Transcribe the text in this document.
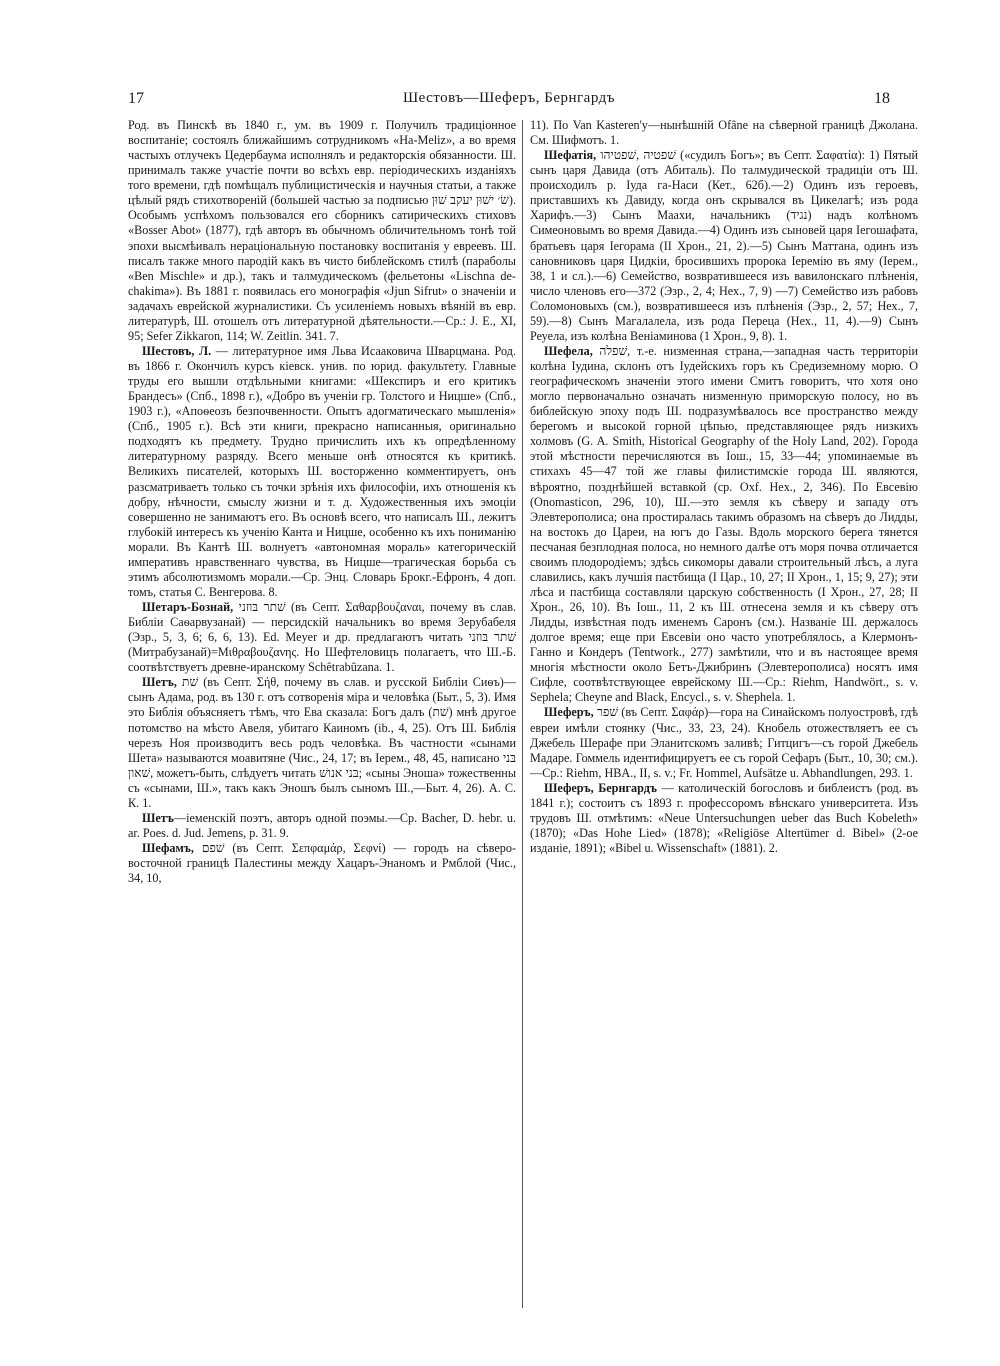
17	Шестовъ—Шеферъ, Бернгардъ	18

Род. въ Пинскѣ въ 1840 г., ум. въ 1909 г. Получилъ традиціонное воспитаніе; состоялъ ближайшимъ сотрудникомъ «Ha-Meliz», а во время частыхъ отлучекъ Цедербаума исполнялъ и редакторскія обязанности. Ш. принималъ также участіе почти во всѣхъ евр. періодическихъ изданіяхъ того времени, гдѣ помѣщалъ публицистическія и научныя статьи, а также цѣлый рядъ стихотвореній (большей частью за подписью שׂ׳ ישׁוּן יעקב שׁוּן). Особымъ успѣхомъ пользовался его сборникъ сатирическихъ стиховъ «Bosser Abot» (1877), гдѣ авторъ въ обычномъ обличительномъ тонѣ той эпохи высмѣивалъ нераціональную постановку воспитанія у евреевъ. Ш. писалъ также много пародій какъ въ чисто библейскомъ стилѣ (параболы «Ben Mischle» и др.), такъ и талмудическомъ (фельетоны «Lischna de-chakima»). Въ 1881 г. появилась его монографія «Jjun Sifrut» о значеніи и задачахъ еврейской журналистики. Съ усиленіемъ новыхъ вѣяній въ евр. литературѣ, Ш. отошелъ отъ литературной дѣятельности.—Ср.: J. E., XI, 95; Sefer Zikkaron, 114; W. Zeitlin. 341. 7.

Шестовъ, Л. — литературное имя Льва Исааковича Шварцмана. Род. въ 1866 г. Окончилъ курсъ кіевск. унив. по юрид. факультету. Главные труды его вышли отдѣльными книгами: «Шекспиръ и его критикъ Брандесъ» (Спб., 1898 г.), «Добро въ ученіи гр. Толстого и Ницше» (Спб., 1903 г.), «Апоѳеозъ безпочвенности. Опытъ адогматическаго мышленія» (Спб., 1905 г.). Всѣ эти книги, прекрасно написанныя, оригинально подходятъ къ предмету. Трудно причислить ихъ къ опредѣленному литературному разряду. Всего меньше онѣ относятся къ критикѣ. Великихъ писателей, которыхъ Ш. восторженно комментируетъ, онъ разсматриваетъ только съ точки зрѣнія ихъ философіи, ихъ отношенія къ добру, нѣчности, смыслу жизни и т. д. Художественныя ихъ эмоціи совершенно не занимаютъ его. Въ основѣ всего, что написалъ Ш., лежитъ глубокій интересъ къ ученію Канта и Ницше, особенно къ ихъ пониманію морали. Въ Кантѣ Ш. волнуетъ «автономная мораль» категорическій императивъ нравственнаго чувства, въ Ницше—трагическая борьба съ этимъ абсолютизмомъ морали.—Ср. Энц. Словарь Брокг.-Ефронъ, 4 доп. томъ, статья С. Венгерова. 8.

Шетаръ-Бознай, שׁתר בּוזני (въ Септ. Σαθαρβουζαναι, почему въ слав. Библіи Саѳарвузанай) — персидскій начальникъ во время Зерубабеля (Эзр., 5, 3, 6; 6, 6, 13). Ed. Meyer и др. предлагаютъ читать שׁתר בּוזני (Митрабузанай)=Μιθραβουζανης. Но Шефтеловицъ полагаетъ, что Ш.-Б. соотвѣтствуетъ древне-иранскому Schêtrabûzana. 1.

Шетъ, שׁת (въ Септ. Σήθ, почему въ слав. и русской Библіи Сиѳъ)—сынъ Адама, род. въ 130 г. отъ сотворенія міра и человѣка (Быт., 5, 3). Имя это Библія объясняетъ тѣмъ, что Ева сказала: Богъ далъ (שׁת) мнѣ другое потомство на мѣсто Авеля, убитаго Каиномъ (ib., 4, 25). Отъ Ш. Библія черезъ Ноя производитъ весь родъ человѣка. Въ частности «сынами Шета» называются моавитяне (Чис., 24, 17; въ Іерем., 48, 45, написано בּני שׁאון, можетъ-быть, слѣдуетъ читать בּני אנושׁ; «сыны Эноша» тожественны съ «сынами, Ш.», такъ какъ Эношъ былъ сыномъ Ш.,—Быт. 4, 26). А. С. К. 1.

Шетъ—іеменскій поэтъ, авторъ одной поэмы.—Ср. Bacher, D. hebr. u. ar. Poes. d. Jud. Jemens, p. 31. 9.

Шефамъ, שׁפם (въ Септ. Σεπφαμάρ, Σεφνί) — городъ на сѣверо-восточной границѣ Палестины между Хацаръ-Энаномъ и Рмблой (Чис., 34, 10,

11). По Van Kasteren'у—нынѣшній Ofâne на сѣверной границѣ Джолана. См. Шифмотъ. 1.

Шефатія, שׁפטיה ,שׁפטיהו («судилъ Богъ»; въ Септ. Σαφατία): 1) Пятый сынъ царя Давида (отъ Абиталь). По талмудической традиціи отъ Ш. происходилъ р. Іуда га-Наси (Кет., 62б).—2) Одинъ изъ героевъ, приставшихъ къ Давиду, когда онъ скрывался въ Цикелагѣ; изъ рода Харифъ.—3) Сынъ Маахи, начальникъ (נגיד) надъ колѣномъ Симеоновымъ во время Давида.—4) Одинъ изъ сыновей царя Іегошафата, братьевъ царя Іегорама (II Хрон., 21, 2).—5) Сынъ Маттана, одинъ изъ сановниковъ царя Цидкіи, бросившихъ пророка Іеремію въ яму (Іерем., 38, 1 и сл.).—6) Семейство, возвратившееся изъ вавилонскаго плѣненія, число членовъ его—372 (Эзр., 2, 4; Нех., 7, 9) —7) Семейство изъ рабовъ Соломоновыхъ (см.), возвратившееся изъ плѣненія (Эзр., 2, 57; Нех., 7, 59).—8) Сынъ Магалалела, изъ рода Переца (Нех., 11, 4).—9) Сынъ Реуела, изъ колѣна Веніаминова (1 Хрон., 9, 8). 1.

Шефела, שׁפלה, т.-е. низменная страна,—западная часть территоріи колѣна Іудина, склонъ отъ Іудейскихъ горъ къ Средиземному морю. О географическомъ значеніи этого имени Смитъ говоритъ, что хотя оно могло первоначально означать низменную приморскую полосу, но въ библейскую эпоху подъ Ш. подразумѣвалось все пространство между берегомъ и высокой горной цѣпью, представляющее рядъ низкихъ холмовъ (G. A. Smith, Historical Geography of the Holy Land, 202). Города этой мѣстности перечисляются въ Іош., 15, 33—44; упоминаемые въ стихахъ 45—47 той же главы филистимскіе города Ш. являются, вѣроятно, позднѣйшей вставкой (ср. Oxf. Hex., 2, 346). По Евсевію (Onomasticon, 296, 10), Ш.—это земля къ сѣверу и западу отъ Элевтерополиса; она простиралась такимъ образомъ на сѣверъ до Лидды, на востокъ до Цареи, на югъ до Газы. Вдоль морского берега тянется песчаная безплодная полоса, но немного далѣе отъ моря почва отличается своимъ плодородіемъ; здѣсь сикоморы давали строительный лѣсъ, а луга славились, какъ лучшія пастбища (I Цар., 10, 27; II Хрон., 1, 15; 9, 27); эти лѣса и пастбища составляли царскую собственность (I Хрон., 27, 28; II Хрон., 26, 10). Въ Іош., 11, 2 къ Ш. отнесена земля и къ сѣверу отъ Лидды, извѣстная подъ именемъ Саронъ (см.). Названіе Ш. держалось долгое время; еще при Евсевіи оно часто употреблялось, а Клермонъ-Ганно и Кондеръ (Tentwork., 277) замѣтили, что и въ настоящее время многія мѣстности около Бетъ-Джибринъ (Элевтерополиса) носятъ имя Сифле, соотвѣтствующее еврейскому Ш.—Ср.: Riehm, Handwört., s. v. Sephela; Cheyne and Black, Encycl., s. v. Shephela. 1.

Шеферъ, שׁפר (въ Септ. Σαφάρ)—гора на Синайскомъ полуостровѣ, гдѣ евреи имѣли стоянку (Чис., 33, 23, 24). Кнобель отожествляетъ ее съ Джебель Шерафе при Эланитскомъ заливѣ; Гитцигъ—съ горой Джебель Мадаре. Гоммель идентифицируетъ ее съ горой Сефаръ (Быт., 10, 30; см.).—Ср.: Riehm, HBA., II, s. v.; Fr. Hommel, Aufsätze u. Abhandlungen, 293. 1.

Шеферъ, Бернгардъ — католическій богословъ и библеистъ (род. въ 1841 г.); состоитъ съ 1893 г. профессоромъ вѣнскаго университета. Изъ трудовъ Ш. отмѣтимъ: «Neue Untersuchungen ueber das Buch Kobeleth» (1870); «Das Hohe Lied» (1878); «Religiöse Altertümer d. Bibel» (2-ое изданіе, 1891); «Bibel u. Wissenschaft» (1881). 2.
